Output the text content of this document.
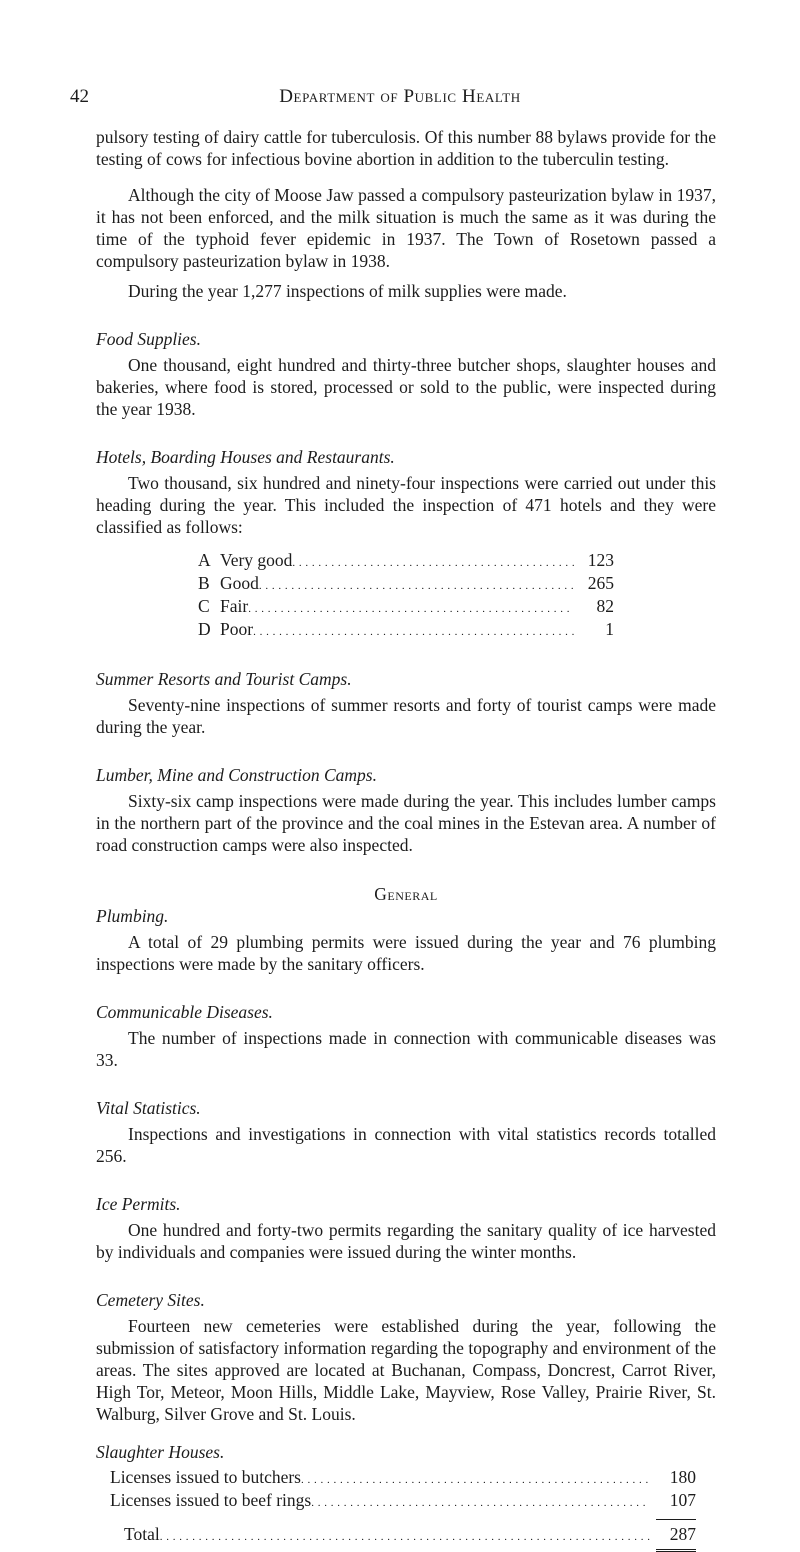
42	Department of Public Health

pulsory testing of dairy cattle for tuberculosis. Of this number 88 bylaws provide for the testing of cows for infectious bovine abortion in addition to the tuberculin testing.

Although the city of Moose Jaw passed a compulsory pasteurization bylaw in 1937, it has not been enforced, and the milk situation is much the same as it was during the time of the typhoid fever epidemic in 1937. The Town of Rosetown passed a compulsory pasteurization bylaw in 1938.

During the year 1,277 inspections of milk supplies were made.

Food Supplies.

One thousand, eight hundred and thirty-three butcher shops, slaughter houses and bakeries, where food is stored, processed or sold to the public, were inspected during the year 1938.

Hotels, Boarding Houses and Restaurants.

Two thousand, six hundred and ninety-four inspections were carried out under this heading during the year. This included the inspection of 471 hotels and they were classified as follows:

A Very good . . .	123
B Good . . .	265
C Fair . . .	82
D Poor . . .	1
Summer Resorts and Tourist Camps.

Seventy-nine inspections of summer resorts and forty of tourist camps were made during the year.

Lumber, Mine and Construction Camps.

Sixty-six camp inspections were made during the year. This includes lumber camps in the northern part of the province and the coal mines in the Estevan area. A number of road construction camps were also inspected.

General
Plumbing.

A total of 29 plumbing permits were issued during the year and 76 plumbing inspections were made by the sanitary officers.

Communicable Diseases.

The number of inspections made in connection with communicable diseases was 33.

Vital Statistics.

Inspections and investigations in connection with vital statistics records totalled 256.

Ice Permits.

One hundred and forty-two permits regarding the sanitary quality of ice harvested by individuals and companies were issued during the winter months.

Cemetery Sites.

Fourteen new cemeteries were established during the year, following the submission of satisfactory information regarding the topography and environment of the areas. The sites approved are located at Buchanan, Compass, Doncrest, Carrot River, High Tor, Meteor, Moon Hills, Middle Lake, Mayview, Rose Valley, Prairie River, St. Walburg, Silver Grove and St. Louis.

Slaughter Houses.
Licenses issued to butchers . . .	180
Licenses issued to beef rings . . .	107
Total . . .	287
